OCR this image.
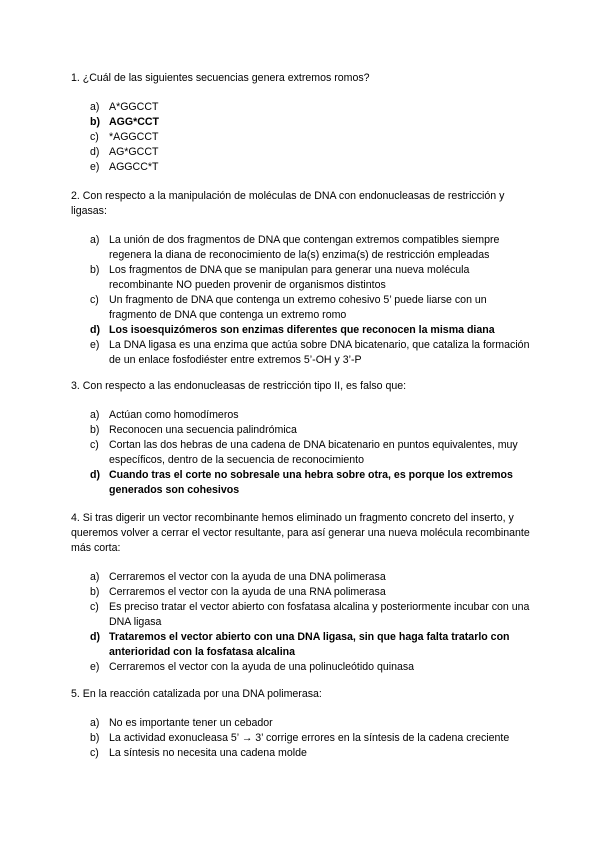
1. ¿Cuál de las siguientes secuencias genera extremos romos?

a) A*GGCCT
b) AGG*CCT
c) *AGGCCT
d) AG*GCCT
e) AGGCC*T

2. Con respecto a la manipulación de moléculas de DNA con endonucleasas de restricción y ligasas:

a) La unión de dos fragmentos de DNA que contengan extremos compatibles siempre regenera la diana de reconocimiento de la(s) enzima(s) de restricción empleadas
b) Los fragmentos de DNA que se manipulan para generar una nueva molécula recombinante NO pueden provenir de organismos distintos
c) Un fragmento de DNA que contenga un extremo cohesivo 5’ puede liarse con un fragmento de DNA que contenga un extremo romo
d) Los isoesquizómeros son enzimas diferentes que reconocen la misma diana
e) La DNA ligasa es una enzima que actúa sobre DNA bicatenario, que cataliza la formación de un enlace fosfodiéster entre extremos 5’-OH y 3’-P

3. Con respecto a las endonucleasas de restricción tipo II, es falso que:

a) Actúan como homodímeros
b) Reconocen una secuencia palindrómica
c) Cortan las dos hebras de una cadena de DNA bicatenario en puntos equivalentes, muy específicos, dentro de la secuencia de reconocimiento
d) Cuando tras el corte no sobresale una hebra sobre otra, es porque los extremos generados son cohesivos

4. Si tras digerir un vector recombinante hemos eliminado un fragmento concreto del inserto, y queremos volver a cerrar el vector resultante, para así generar una nueva molécula recombinante más corta:

a) Cerraremos el vector con la ayuda de una DNA polimerasa
b) Cerraremos el vector con la ayuda de una RNA polimerasa
c) Es preciso tratar el vector abierto con fosfatasa alcalina y posteriormente incubar con una DNA ligasa
d) Trataremos el vector abierto con una DNA ligasa, sin que haga falta tratarlo con anterioridad con la fosfatasa alcalina
e) Cerraremos el vector con la ayuda de una polinucleótido quinasa

5. En la reacción catalizada por una DNA polimerasa:

a) No es importante tener un cebador
b) La actividad exonucleasa 5’ → 3’ corrige errores en la síntesis de la cadena creciente
c) La síntesis no necesita una cadena molde
